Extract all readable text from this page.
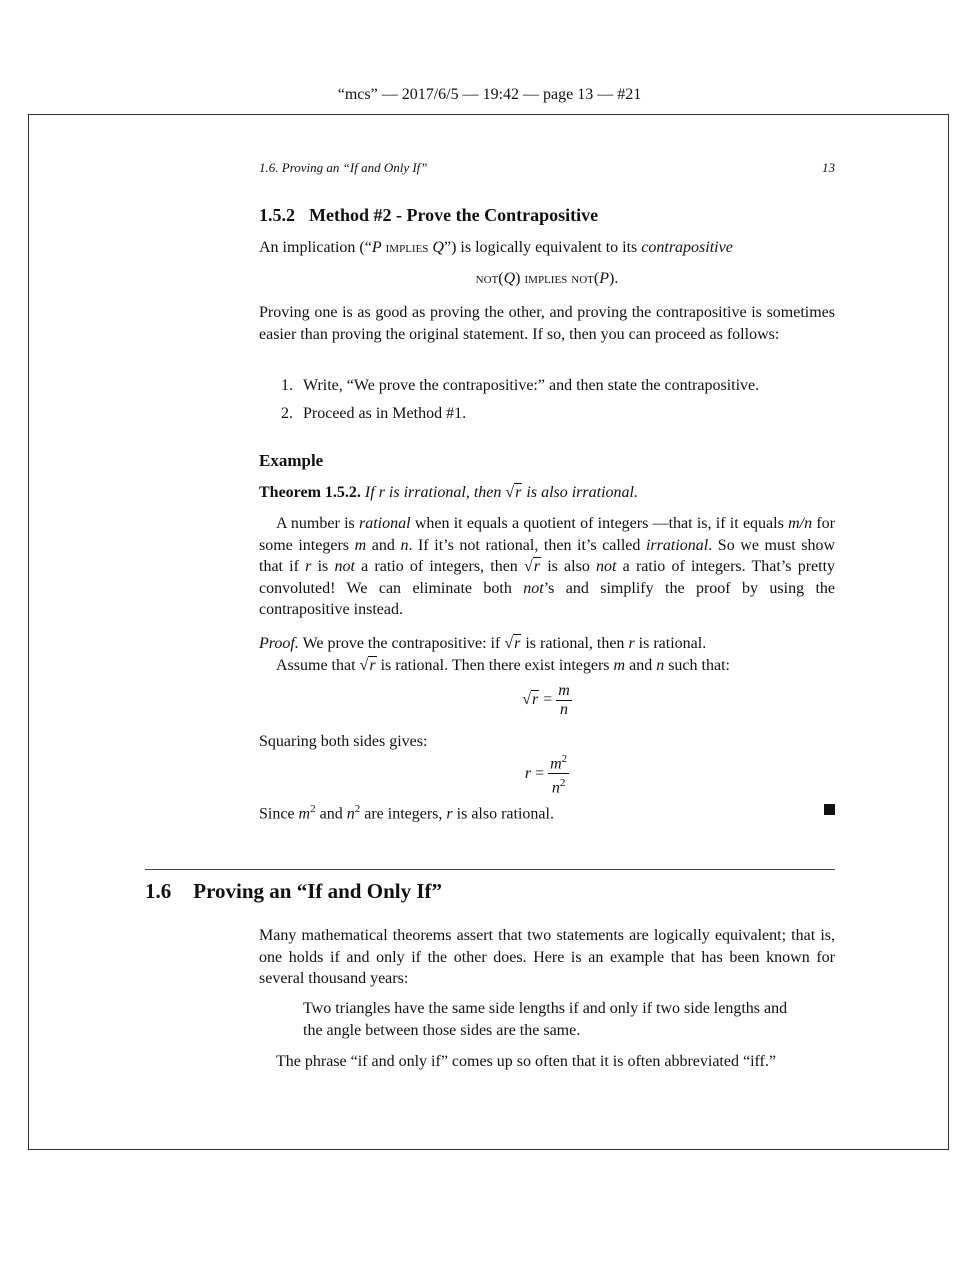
“mcs” — 2017/6/5 — 19:42 — page 13 — #21
1.6. Proving an “If and Only If”	13
1.5.2 Method #2 - Prove the Contrapositive

An implication (“P implies Q”) is logically equivalent to its contrapositive

not(Q) implies not(P).

Proving one is as good as proving the other, and proving the contrapositive is sometimes easier than proving the original statement. If so, then you can proceed as follows:

1. Write, “We prove the contrapositive:” and then state the contrapositive.
2. Proceed as in Method #1.
Example

Theorem 1.5.2. If r is irrational, then √r is also irrational.

A number is rational when it equals a quotient of integers —that is, if it equals m/n for some integers m and n. If it’s not rational, then it’s called irrational. So we must show that if r is not a ratio of integers, then √r is also not a ratio of integers. That’s pretty convoluted! We can eliminate both not’s and simplify the proof by using the contrapositive instead.

Proof. We prove the contrapositive: if √r is rational, then r is rational.

Assume that √r is rational. Then there exist integers m and n such that:

$√r = \frac{m}{n}$

Squaring both sides gives:

$r = \frac{m^2}{n^2}$

Since $m^2$ and $n^2$ are integers, r is also rational.

1.6 Proving an “If and Only If”

Many mathematical theorems assert that two statements are logically equivalent; that is, one holds if and only if the other does. Here is an example that has been known for several thousand years:

Two triangles have the same side lengths if and only if two side lengths and the angle between those sides are the same.

The phrase “if and only if” comes up so often that it is often abbreviated “iff.”
